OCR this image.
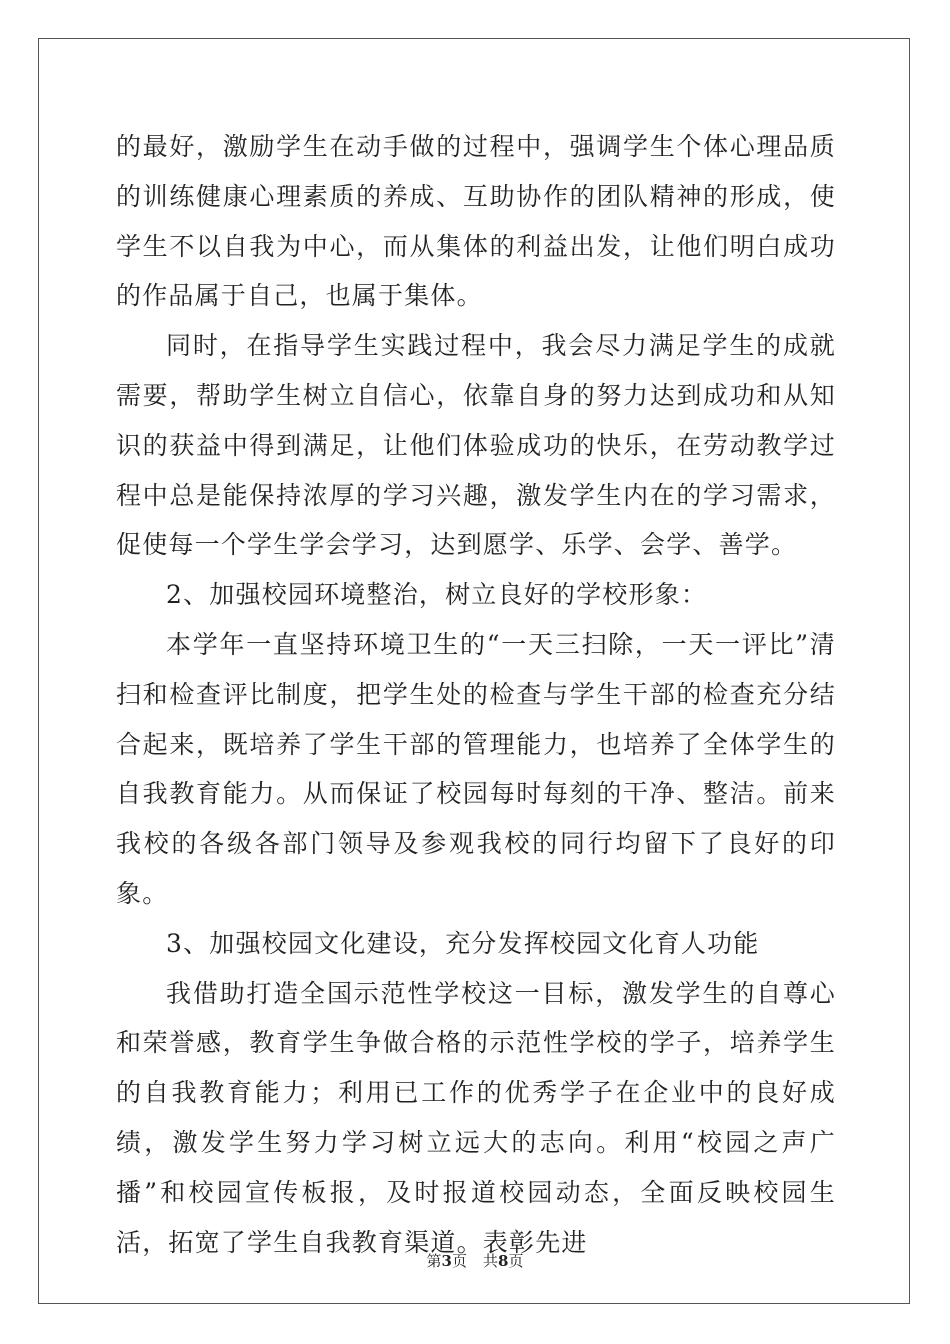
的最好，激励学生在动手做的过程中，强调学生个体心理品质的训练健康心理素质的养成、互助协作的团队精神的形成，使学生不以自我为中心，而从集体的利益出发，让他们明白成功的作品属于自己，也属于集体。

同时，在指导学生实践过程中，我会尽力满足学生的成就需要，帮助学生树立自信心，依靠自身的努力达到成功和从知识的获益中得到满足，让他们体验成功的快乐，在劳动教学过程中总是能保持浓厚的学习兴趣，激发学生内在的学习需求，促使每一个学生学会学习，达到愿学、乐学、会学、善学。

2、加强校园环境整治，树立良好的学校形象：

本学年一直坚持环境卫生的“一天三扫除，一天一评比”清扫和检查评比制度，把学生处的检查与学生干部的检查充分结合起来，既培养了学生干部的管理能力，也培养了全体学生的自我教育能力。从而保证了校园每时每刻的干净、整洁。前来我校的各级各部门领导及参观我校的同行均留下了良好的印象。

3、加强校园文化建设，充分发挥校园文化育人功能

我借助打造全国示范性学校这一目标，激发学生的自尊心和荣誉感，教育学生争做合格的示范性学校的学子，培养学生的自我教育能力；利用已工作的优秀学子在企业中的良好成绩，激发学生努力学习树立远大的志向。利用“校园之声广播”和校园宣传板报，及时报道校园动态，全面反映校园生活，拓宽了学生自我教育渠道。表彰先进

第3页 共8页
